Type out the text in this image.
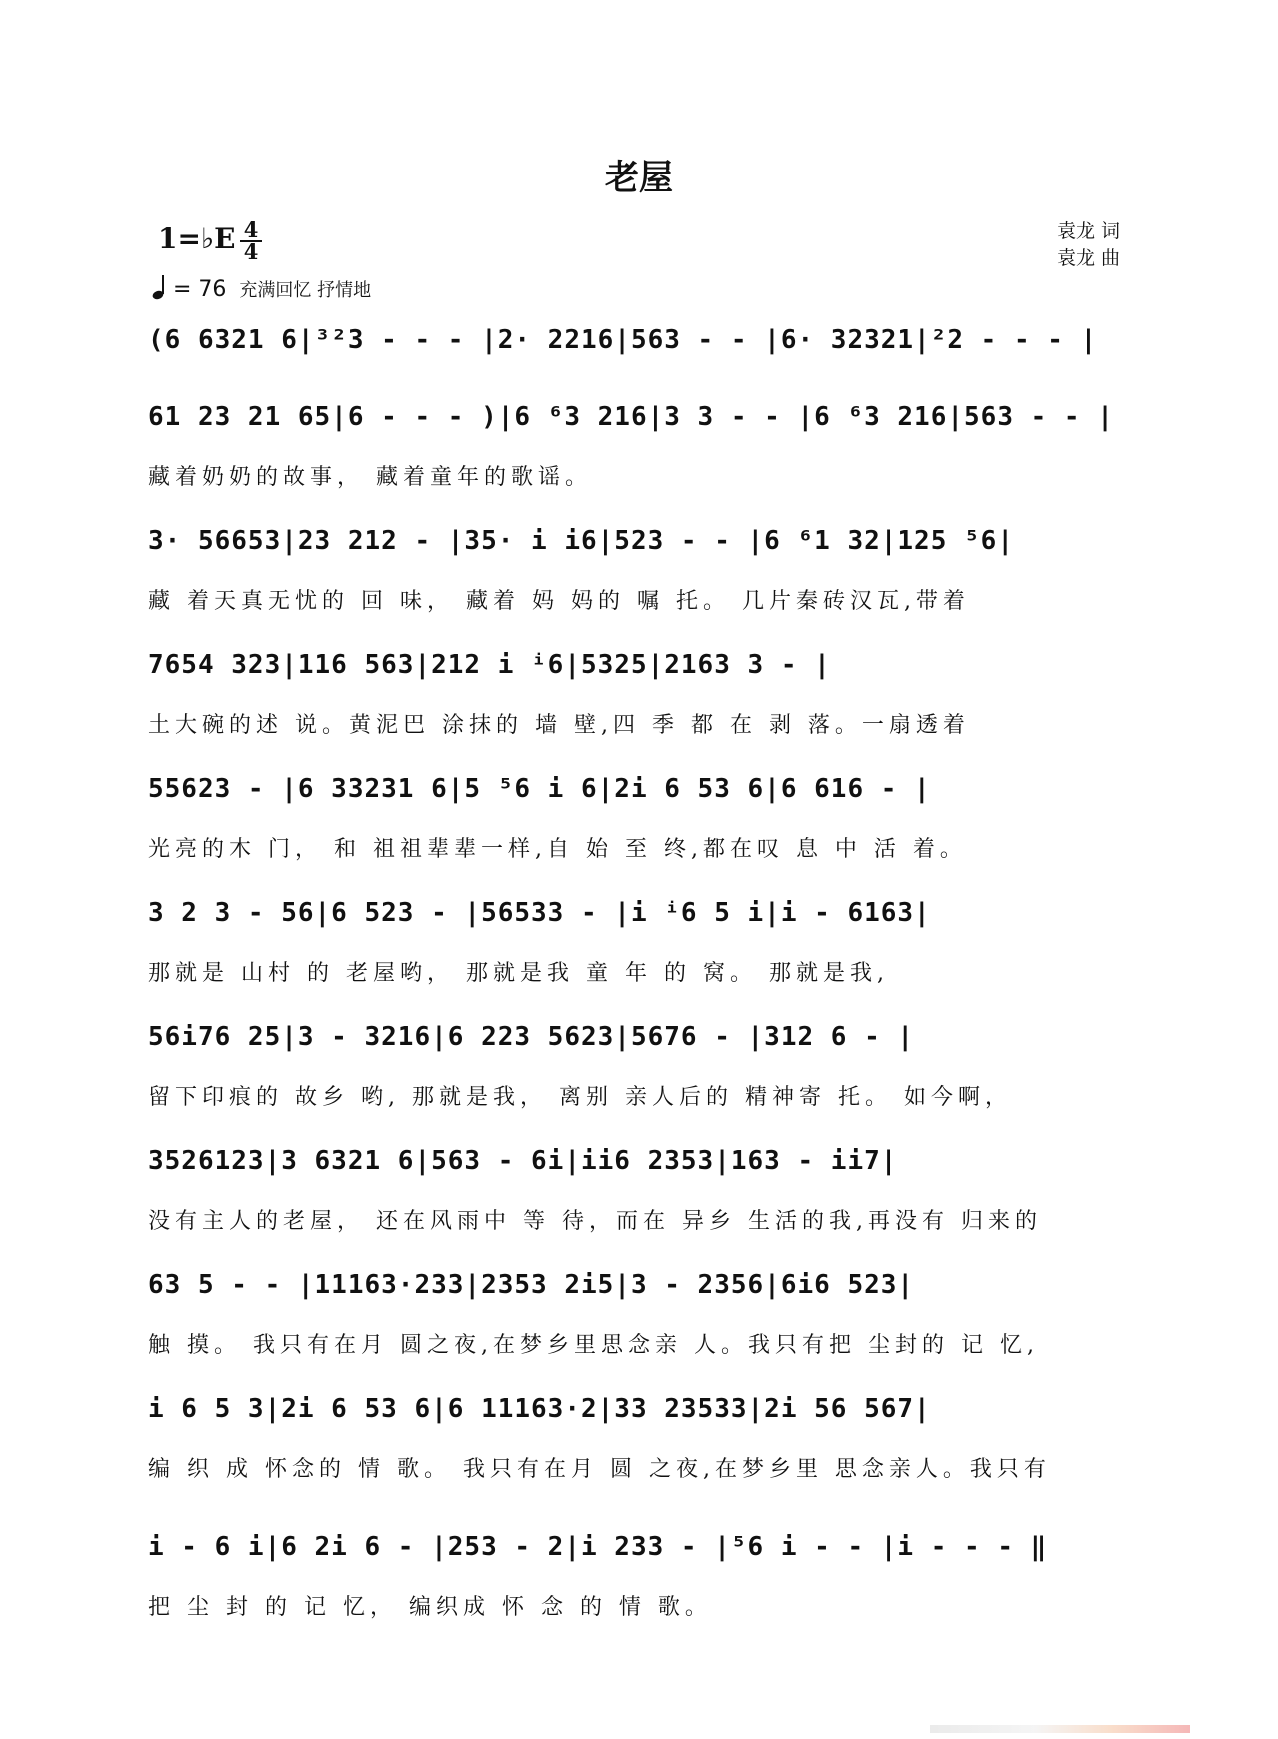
老屋
1=♭E 4
4
= 76 充满回忆 抒情地
袁龙 词
袁龙 曲
(6 6321 6|³²3 - - - |2· 2216|563 - - |6· 32321|²2 - - - |
61 23 21 65|6 - - - )|6 ⁶3 216|3 3 - - |6 ⁶3 216|563 - - |
藏着奶奶的故事， 藏着童年的歌谣。
3· 56653|23 212 - |35· i i6|523 - - |6 ⁶1 32|125 ⁵6|
藏 着天真无忧的 回 味， 藏着 妈 妈的 嘱 托。 几片秦砖汉瓦,带着
7654 323|116 563|212 i ⁱ6|5325|2163 3 - |
土大碗的述 说。黄泥巴 涂抹的 墙 壁,四 季 都 在 剥 落。一扇透着
55623 - |6 33231 6|5 ⁵6 i 6|2i 6 53 6|6 616 - |
光亮的木 门， 和 祖祖辈辈一样,自 始 至 终,都在叹 息 中 活 着。
3 2 3 - 56|6 523 - |56533 - |i ⁱ6 5 i|i - 6163|
那就是 山村 的 老屋哟， 那就是我 童 年 的 窝。 那就是我,
56i76 25|3 - 3216|6 223 5623|5676 - |312 6 - |
留下印痕的 故乡 哟, 那就是我， 离别 亲人后的 精神寄 托。 如今啊，
3526123|3 6321 6|563 - 6i|ii6 2353|163 - ii7|
没有主人的老屋， 还在风雨中 等 待，而在 异乡 生活的我,再没有 归来的
63 5 - - |11163·233|2353 2i5|3 - 2356|6i6 523|
触 摸。 我只有在月 圆之夜,在梦乡里思念亲 人。我只有把 尘封的 记 忆,
i 6 5 3|2i 6 53 6|6 11163·2|33 23533|2i 56 567|
编 织 成 怀念的 情 歌。 我只有在月 圆 之夜,在梦乡里 思念亲人。我只有
i - 6 i|6 2i 6 - |253 - 2|i 233 - |⁵6 i - - |i - - - ‖
把 尘 封 的 记 忆， 编织成 怀 念 的 情 歌。
